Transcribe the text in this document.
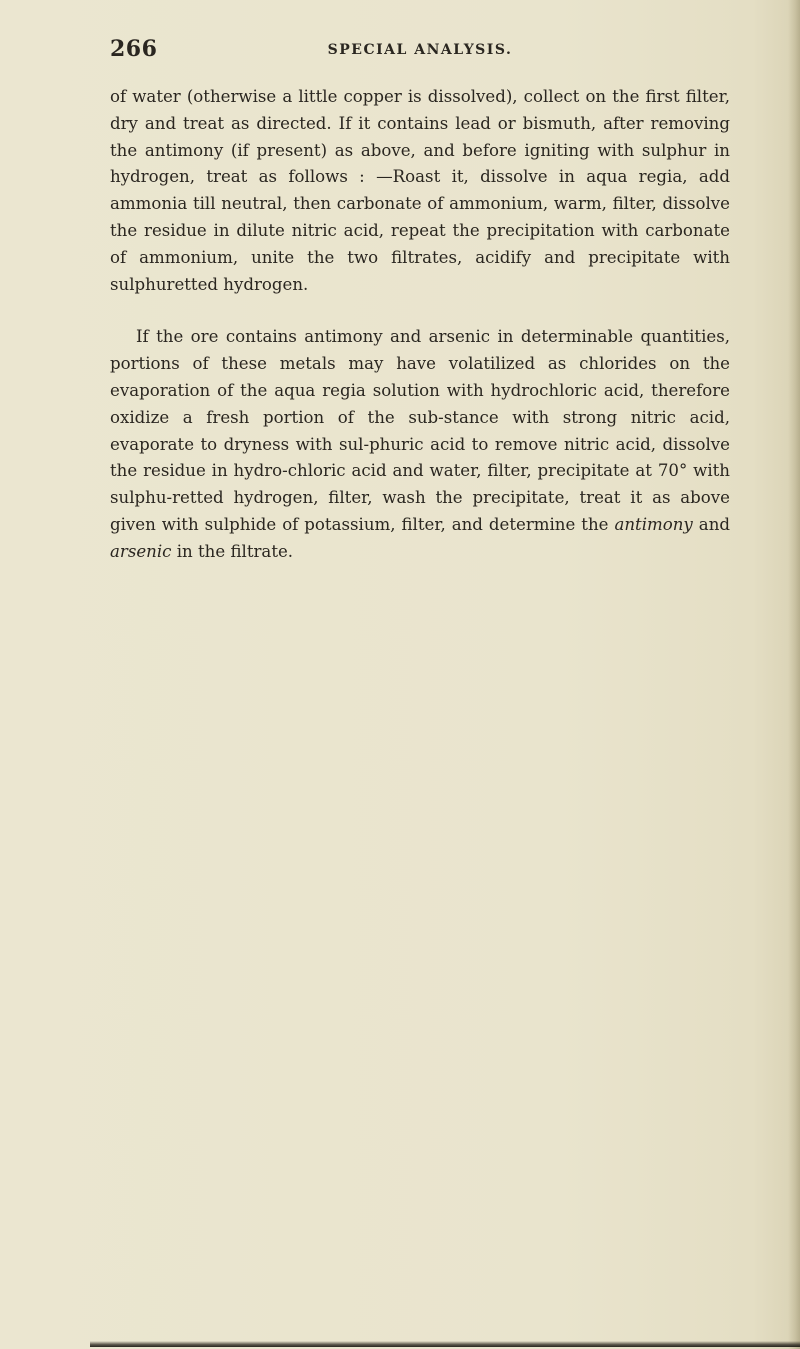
266	SPECIAL ANALYSIS.

of water (otherwise a little copper is dissolved), collect on the first filter, dry and treat as directed. If it contains lead or bismuth, after removing the antimony (if present) as above, and before igniting with sulphur in hydrogen, treat as follows : —Roast it, dissolve in aqua regia, add ammonia till neutral, then carbonate of ammonium, warm, filter, dissolve the residue in dilute nitric acid, repeat the precipitation with carbonate of ammonium, unite the two filtrates, acidify and precipitate with sulphuretted hydrogen.

If the ore contains antimony and arsenic in determinable quantities, portions of these metals may have volatilized as chlorides on the evaporation of the aqua regia solution with hydrochloric acid, therefore oxidize a fresh portion of the sub-stance with strong nitric acid, evaporate to dryness with sul-phuric acid to remove nitric acid, dissolve the residue in hydro-chloric acid and water, filter, precipitate at 70° with sulphu-retted hydrogen, filter, wash the precipitate, treat it as above given with sulphide of potassium, filter, and determine the antimony and arsenic in the filtrate.
